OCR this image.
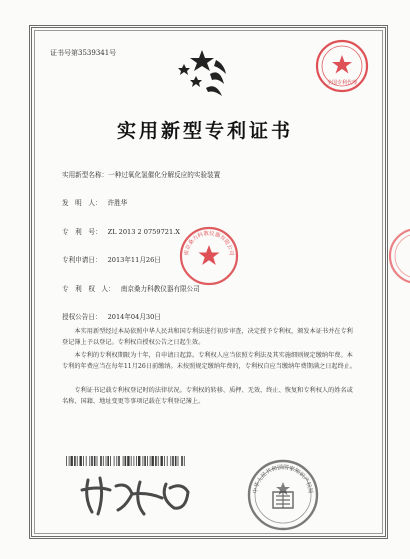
证书号第3539341号
全国专利代理
实用新型专利证书
实用新型名称：一种过氧化氢催化分解反应的实验装置
发　明　人： 许胜华
专　利　号： ZL 2013 2 0759721.X
专利申请日： 2013年11月26日
专　利　权　人： 南京桑力科教仪器有限公司
授权公告日： 2014年04月30日
本实用新型经过本局依照中华人民共和国专利法进行初步审查，决定授予专利权，颁发本证书并在专利登记簿上予以登记。专利权自授权公告之日起生效。
本专利的专利权期限为十年，自申请日起算。专利权人应当依照专利法及其实施细则规定缴纳年费。本专利的年费应当在每年11月26日前缴纳。未按照规定缴纳年费的，专利权自应当缴纳年费期满之日起终止。
专利证书记载专利权登记时的法律状况。专利权的转移、质押、无效、终止、恢复和专利权人的姓名或名称、国籍、地址变更等事项记载在专利登记簿上。
南京桑力科教仪器有限公司
中华人民共和国国家知识产权局
